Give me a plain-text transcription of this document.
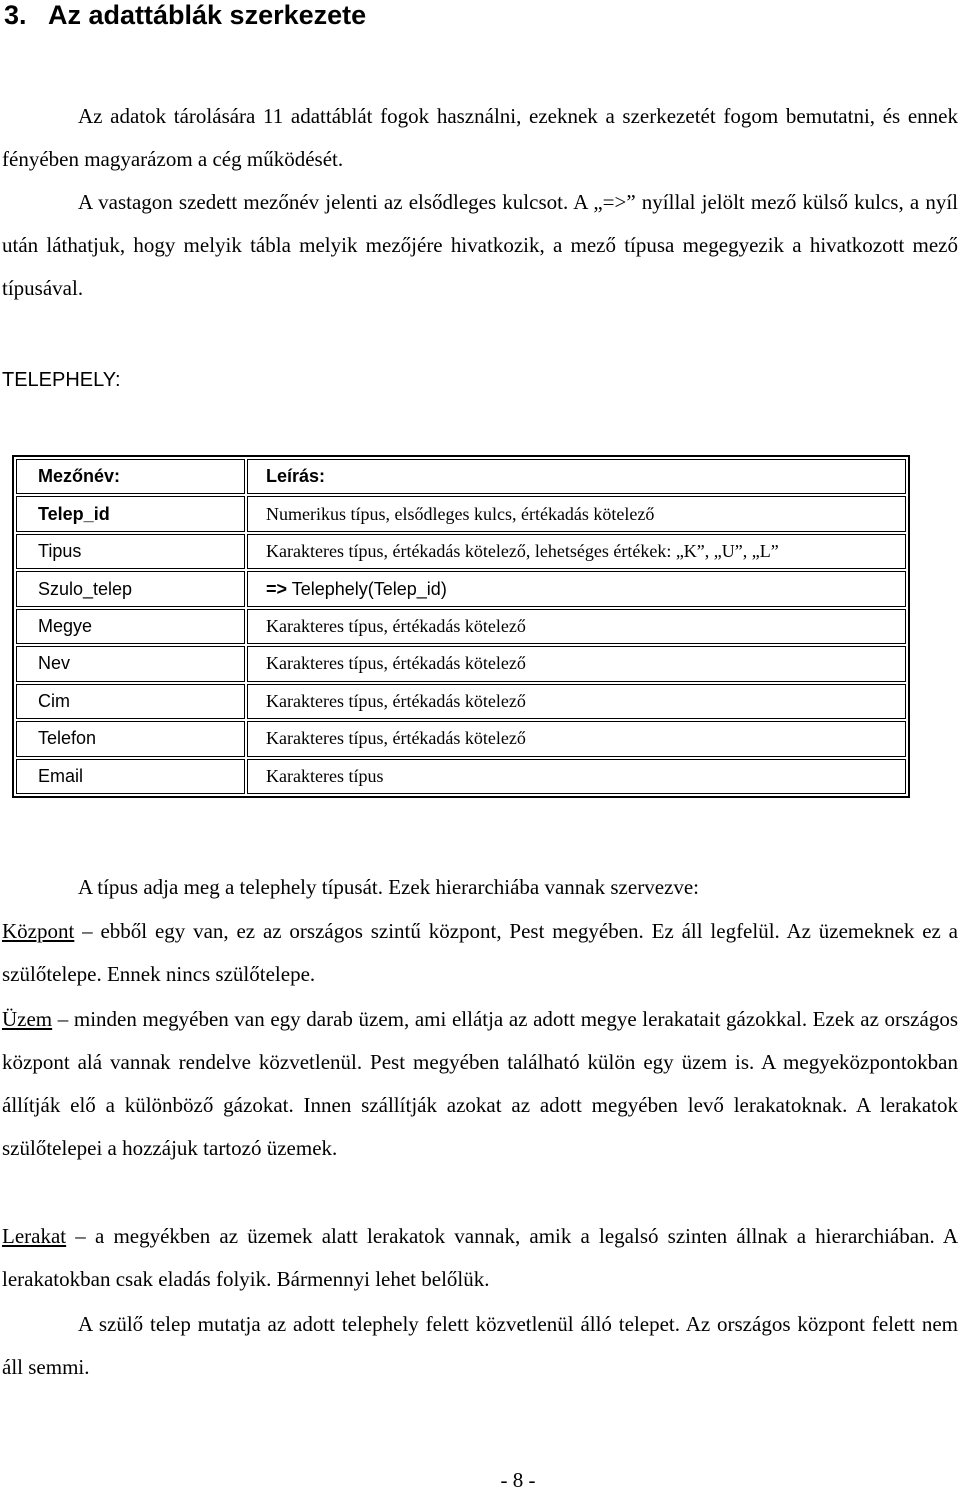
3. Az adattáblák szerkezete

Az adatok tárolására 11 adattáblát fogok használni, ezeknek a szerkezetét fogom bemutatni, és ennek fényében magyarázom a cég működését.

A vastagon szedett mezőnév jelenti az elsődleges kulcsot. A „=>” nyíllal jelölt mező külső kulcs, a nyíl után láthatjuk, hogy melyik tábla melyik mezőjére hivatkozik, a mező típusa megegyezik a hivatkozott mező típusával.

TELEPHELY:

Mezőnév:	Leírás:
Telep_id	Numerikus típus, elsődleges kulcs, értékadás kötelező
Tipus	Karakteres típus, értékadás kötelező, lehetséges értékek: „K”, „U”, „L”
Szulo_telep	=> Telephely(Telep_id)
Megye	Karakteres típus, értékadás kötelező
Nev	Karakteres típus, értékadás kötelező
Cim	Karakteres típus, értékadás kötelező
Telefon	Karakteres típus, értékadás kötelező
Email	Karakteres típus

A típus adja meg a telephely típusát. Ezek hierarchiába vannak szervezve:

Központ – ebből egy van, ez az országos szintű központ, Pest megyében. Ez áll legfelül. Az üzemeknek ez a szülőtelepe. Ennek nincs szülőtelepe.

Üzem – minden megyében van egy darab üzem, ami ellátja az adott megye lerakatait gázokkal. Ezek az országos központ alá vannak rendelve közvetlenül. Pest megyében található külön egy üzem is. A megyeközpontokban állítják elő a különböző gázokat. Innen szállítják azokat az adott megyében levő lerakatoknak. A lerakatok szülőtelepei a hozzájuk tartozó üzemek.

Lerakat – a megyékben az üzemek alatt lerakatok vannak, amik a legalsó szinten állnak a hierarchiában. A lerakatokban csak eladás folyik. Bármennyi lehet belőlük.

A szülő telep mutatja az adott telephely felett közvetlenül álló telepet. Az országos központ felett nem áll semmi.

- 8 -
